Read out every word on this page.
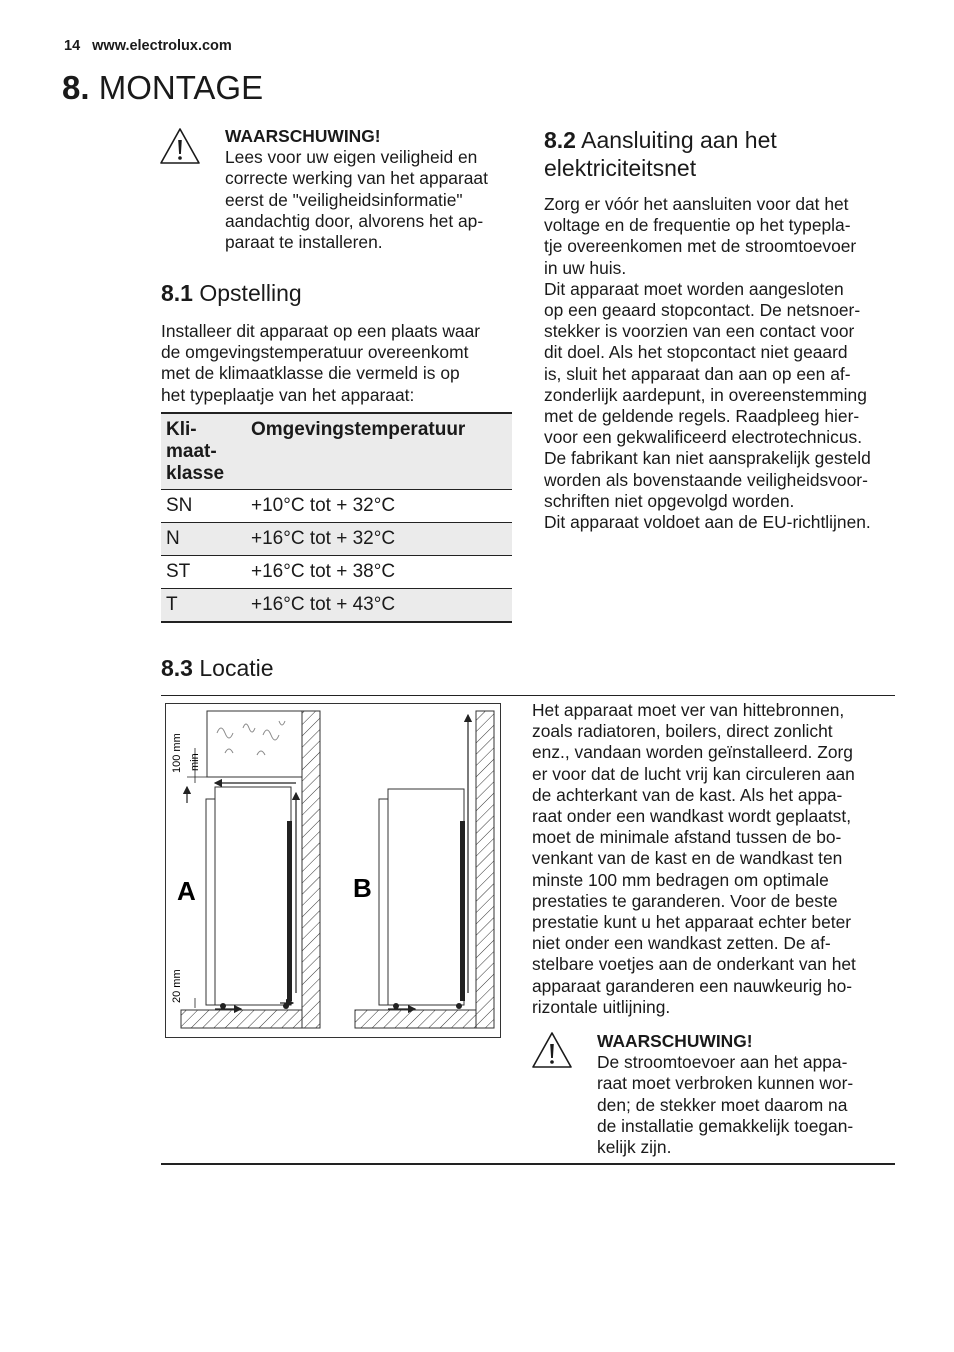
14 www.electrolux.com
8. MONTAGE
WAARSCHUWING!
Lees voor uw eigen veiligheid en
correcte werking van het apparaat
eerst de "veiligheidsinformatie"
aandachtig door, alvorens het ap-
paraat te installeren.
8.1 Opstelling
Installeer dit apparaat op een plaats waar
de omgevingstemperatuur overeenkomt
met de klimaatklasse die vermeld is op
het typeplaatje van het apparaat:
Kli-
maat-
klasse	Omgevingstemperatuur
SN	+10°C tot + 32°C
N	+16°C tot + 32°C
ST	+16°C tot + 38°C
T	+16°C tot + 43°C
8.2 Aansluiting aan het
elektriciteitsnet
Zorg er vóór het aansluiten voor dat het
voltage en de frequentie op het typepla-
tje overeenkomen met de stroomtoevoer
in uw huis.
Dit apparaat moet worden aangesloten
op een geaard stopcontact. De netsnoer-
stekker is voorzien van een contact voor
dit doel. Als het stopcontact niet geaard
is, sluit het apparaat dan aan op een af-
zonderlijk aardepunt, in overeenstemming
met de geldende regels. Raadpleeg hier-
voor een gekwalificeerd electrotechnicus.
De fabrikant kan niet aansprakelijk gesteld
worden als bovenstaande veiligheidsvoor-
schriften niet opgevolgd worden.
Dit apparaat voldoet aan de EU-richtlijnen.
8.3 Locatie
100 mm min
20 mm
A	B
Het apparaat moet ver van hittebronnen,
zoals radiatoren, boilers, direct zonlicht
enz., vandaan worden geïnstalleerd. Zorg
er voor dat de lucht vrij kan circuleren aan
de achterkant van de kast. Als het appa-
raat onder een wandkast wordt geplaatst,
moet de minimale afstand tussen de bo-
venkant van de kast en de wandkast ten
minste 100 mm bedragen om optimale
prestaties te garanderen. Voor de beste
prestatie kunt u het apparaat echter beter
niet onder een wandkast zetten. De af-
stelbare voetjes aan de onderkant van het
apparaat garanderen een nauwkeurig ho-
rizontale uitlijning.
WAARSCHUWING!
De stroomtoevoer aan het appa-
raat moet verbroken kunnen wor-
den; de stekker moet daarom na
de installatie gemakkelijk toegan-
kelijk zijn.
